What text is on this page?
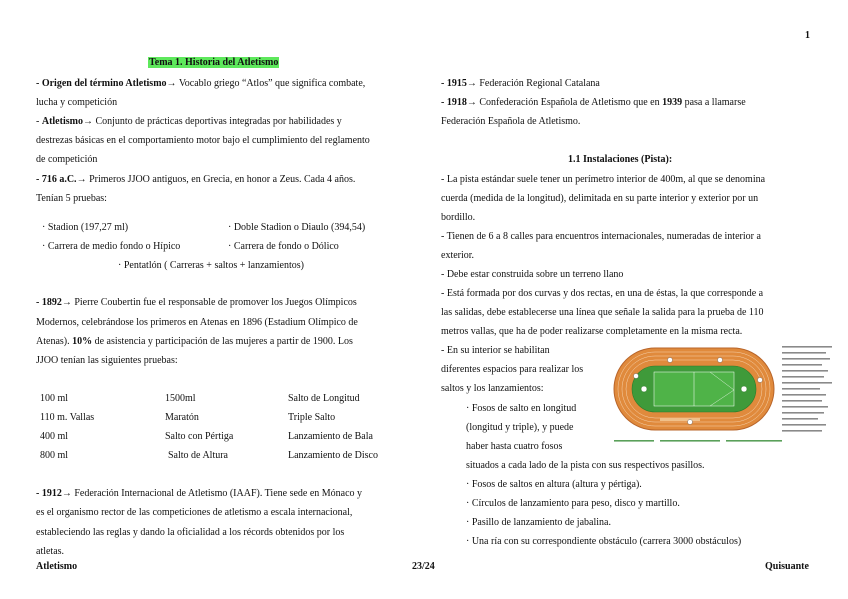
1
Tema 1. Historia del Atletismo
- Origen del término Atletismo→ Vocablo griego “Atlos” que significa combate,
lucha y competición
- Atletismo→ Conjunto de prácticas deportivas integradas por habilidades y
destrezas básicas en el comportamiento motor bajo el cumplimiento del reglamento
de competición
- 716 a.C.→ Primeros JJOO antiguos, en Grecia, en honor a Zeus. Cada 4 años.
Tenían 5 pruebas:
· Stadion (197,27 ml)	· Doble Stadion o Diaulo (394,54)
· Carrera de medio fondo o Hípico	· Carrera de fondo o Dólico
· Pentatlón ( Carreras + saltos + lanzamientos)
- 1892→ Pierre Coubertin fue el responsable de promover los Juegos Olímpicos
Modernos, celebrándose los primeros en Atenas en 1896 (Estadium Olímpico de
Atenas). 10% de asistencia y participación de las mujeres a partir de 1900. Los
JJOO tenían las siguientes pruebas:
100 ml	1500ml	Salto de Longitud
110 m. Vallas	Maratón	Triple Salto
400 ml	Salto con Pértiga	Lanzamiento de Bala
800 ml	Salto de Altura	Lanzamiento de Disco
- 1912→ Federación Internacional de Atletismo (IAAF). Tiene sede en Mónaco y
es el organismo rector de las competiciones de atletismo a escala internacional,
estableciendo las reglas y dando la oficialidad a los récords obtenidos por los
atletas.
- 1915→ Federación Regional Catalana
- 1918→ Confederación Española de Atletismo que en 1939 pasa a llamarse
Federación Española de Atletismo.
1.1 Instalaciones (Pista):
- La pista estándar suele tener un perímetro interior de 400m, al que se denomina
cuerda (medida de la longitud), delimitada en su parte interior y exterior por un
bordillo.
- Tienen de 6 a 8 calles para encuentros internacionales, numeradas de interior a
exterior.
- Debe estar construida sobre un terreno llano
- Está formada por dos curvas y dos rectas, en una de éstas, la que corresponde a
las salidas, debe establecerse una línea que señale la salida para la prueba de 110
metros vallas, que ha de poder realizarse completamente en la misma recta.
- En su interior se habilitan
diferentes espacios para realizar los
saltos y los lanzamientos:
· Fosos de salto en longitud
(longitud y triple), y puede
haber hasta cuatro fosos
situados a cada lado de la pista con sus respectivos pasillos.
· Fosos de saltos en altura (altura y pértiga).
· Círculos de lanzamiento para peso, disco y martillo.
· Pasillo de lanzamiento de jabalina.
· Una ría con su correspondiente obstáculo (carrera 3000 obstáculos)
Atletismo	23/24	Quisuante
